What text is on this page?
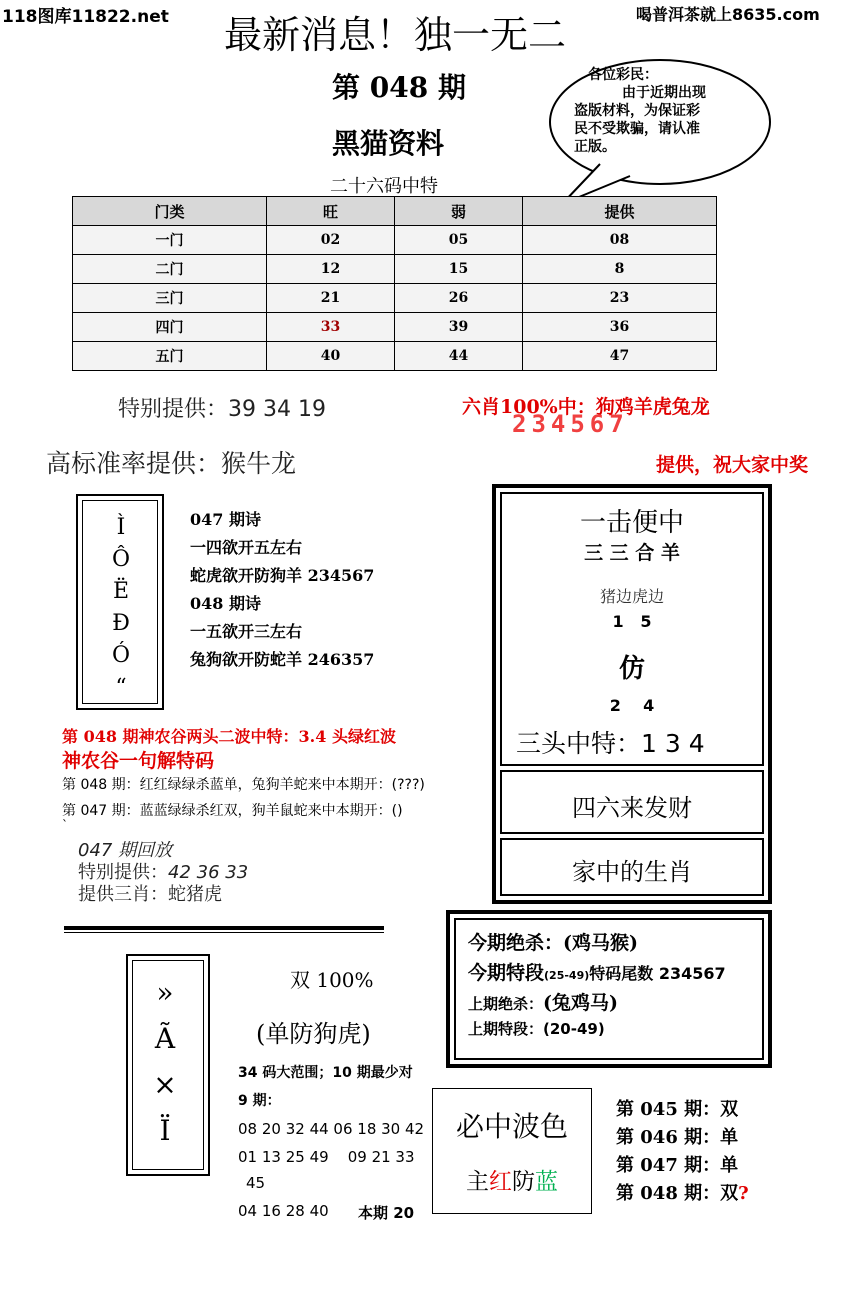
118图库11822.net 最新消息！独一无二	喝普洱茶就上8635.com
第 048 期
黑猫资料
各位彩民：
由于近期出现
盗版材料，为保证彩
民不受欺骗，请认准
正版。
二十六码中特
门类	旺	弱	提供
一门	02	05	08
二门	12	15	8
三门	21	26	23
四门	33	39	36
五门	40	44	47
特别提供：39 34 19	六肖100%中：狗鸡羊虎兔龙
234567
高标准率提供：猴牛龙	提供，祝大家中奖
Ì
Ô
Ë
Ð
Ó
“
047 期诗
一四欲开五左右
蛇虎欲开防狗羊 234567
048 期诗
一五欲开三左右
兔狗欲开防蛇羊 246357
第 048 期神农谷两头二波中特：3.4 头绿红波
神农谷一句解特码
第 048 期：红红绿绿杀蓝单，兔狗羊蛇来中本期开：(???)
第 047 期：蓝蓝绿绿杀红双，狗羊鼠蛇来中本期开：()
`
047 期回放
特别提供：42 36 33
提供三肖：蛇猪虎
一击便中
三 三 合 羊
猪边虎边
1   5
仿
2    4
三头中特：1 3 4
四六来发财
家中的生肖
今期绝杀：(鸡马猴)
今期特段(25-49)特码尾数 234567
上期绝杀：(兔鸡马)
上期特段：(20-49)
»
Ã
×
Ï
双 100%
(单防狗虎)
34 码大范围；10 期最少对
9 期：
08 20 32 44 06 18 30 42
01 13 25 49    09 21 33
45
04 16 28 40 本期 20
必中波色
主红防蓝
第 045 期：双
第 046 期：单
第 047 期：单
第 048 期：双?
